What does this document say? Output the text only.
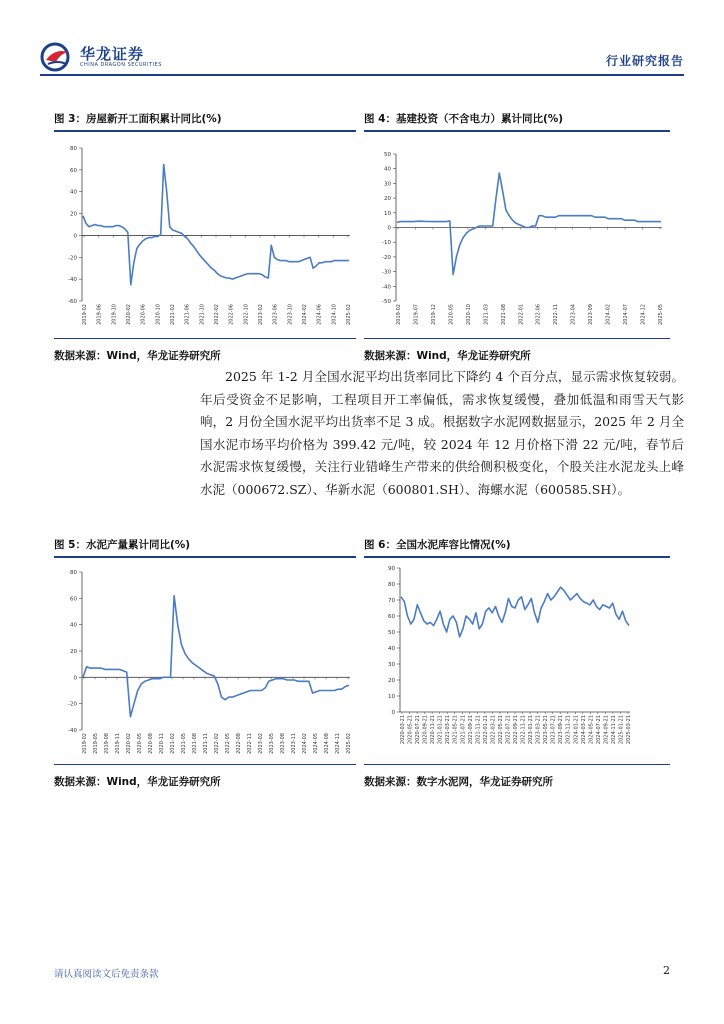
华龙证券
CHINA DRAGON SECURITIES	行业研究报告
图 3：房屋新开工面积累计同比(%)
80
60
40
20
0
-20
-40
-60
2019-02 2019-06 2019-10 2020-02 2020-06 2020-10 2021-02 2021-06 2021-10 2022-02 2022-06 2022-10 2023-02 2023-06 2023-10 2024-02 2024-06 2024-10 2025-02
数据来源：Wind，华龙证券研究所
图 4：基建投资（不含电力）累计同比(%)
50
40
30
20
10
0
-10
-20
-30
-40
-50
2019-02 2019-07 2019-12 2020-05 2020-10 2021-03 2021-08 2022-01 2022-06 2022-11 2023-04 2023-09 2024-02 2024-07 2024-12 2025-05
数据来源：Wind，华龙证券研究所

2025 年 1-2 月全国水泥平均出货率同比下降约 4 个百分点，显示需求恢复较弱。年后受资金不足影响，工程项目开工率偏低，需求恢复缓慢，叠加低温和雨雪天气影响，2 月份全国水泥平均出货率不足 3 成。根据数字水泥网数据显示，2025 年 2 月全国水泥市场平均价格为 399.42 元/吨，较 2024 年 12 月价格下滑 22 元/吨，春节后水泥需求恢复缓慢，关注行业错峰生产带来的供给侧积极变化，个股关注水泥龙头上峰水泥（000672.SZ）、华新水泥（600801.SH）、海螺水泥（600585.SH）。

图 5：水泥产量累计同比(%)
80
60
40
20
0
-20
-40
2019-02 2019-05 2019-08 2019-11 2020-02 2020-05 2020-08 2020-11 2021-02 2021-05 2021-08 2021-11 2022-02 2022-05 2022-08 2022-11 2023-02 2023-05 2023-08 2023-11 2024-02 2024-05 2024-08 2024-11 2025-02
数据来源：Wind，华龙证券研究所
图 6：全国水泥库容比情况(%)
90
80
70
60
50
40
30
20
10
0
2020-03-21 2020-05-21 2020-07-21 2020-09-21 2020-11-21 2021-01-21 2021-03-21 2021-05-21 2021-07-21 2021-09-21 2021-11-21 2022-01-21 2022-03-21 2022-05-21 2022-07-21 2022-09-21 2022-11-21 2023-01-21 2023-03-21 2023-05-21 2023-07-21 2023-09-21 2023-11-21 2024-01-21 2024-03-21 2024-05-21 2024-07-21 2024-09-21 2024-11-21 2025-01-21 2025-03-21
数据来源：数字水泥网，华龙证券研究所
请认真阅读文后免责条款	2
